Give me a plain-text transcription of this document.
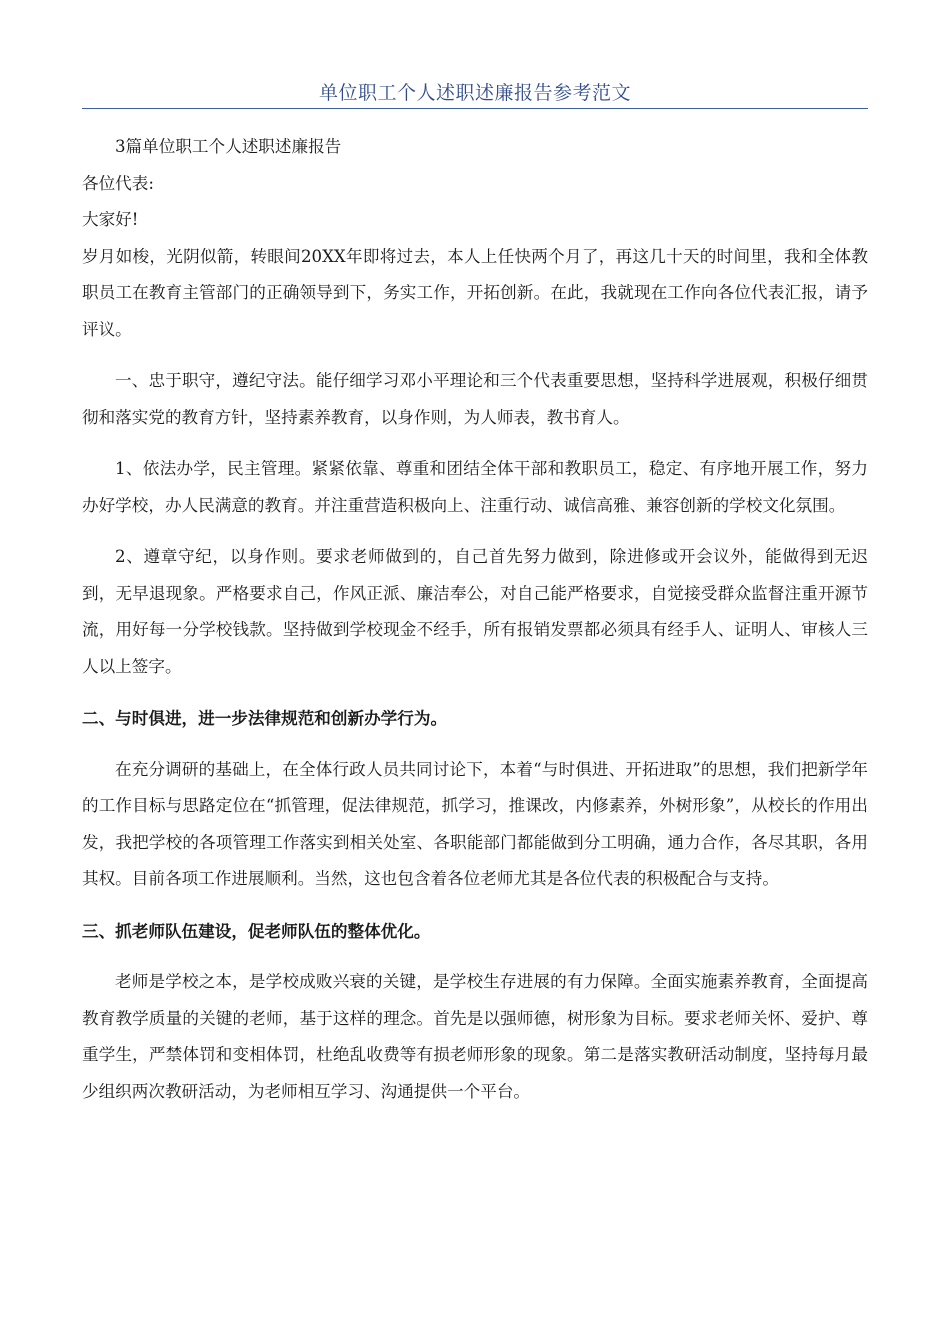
单位职工个人述职述廉报告参考范文

3篇单位职工个人述职述廉报告

各位代表:

大家好!

岁月如梭，光阴似箭，转眼间20XX年即将过去，本人上任快两个月了，再这几十天的时间里，我和全体教职员工在教育主管部门的正确领导到下，务实工作，开拓创新。在此，我就现在工作向各位代表汇报，请予评议。

一、忠于职守，遵纪守法。能仔细学习邓小平理论和三个代表重要思想，坚持科学进展观，积极仔细贯彻和落实党的教育方针，坚持素养教育，以身作则，为人师表，教书育人。

1、依法办学，民主管理。紧紧依靠、尊重和团结全体干部和教职员工，稳定、有序地开展工作，努力办好学校，办人民满意的教育。并注重营造积极向上、注重行动、诚信高雅、兼容创新的学校文化氛围。

2、遵章守纪，以身作则。要求老师做到的，自己首先努力做到，除进修或开会议外，能做得到无迟到，无早退现象。严格要求自己，作风正派、廉洁奉公，对自己能严格要求，自觉接受群众监督注重开源节流，用好每一分学校钱款。坚持做到学校现金不经手，所有报销发票都必须具有经手人、证明人、审核人三人以上签字。

二、与时俱进，进一步法律规范和创新办学行为。

在充分调研的基础上，在全体行政人员共同讨论下，本着“与时俱进、开拓进取”的思想，我们把新学年的工作目标与思路定位在“抓管理，促法律规范，抓学习，推课改，内修素养，外树形象”，从校长的作用出发，我把学校的各项管理工作落实到相关处室、各职能部门都能做到分工明确，通力合作，各尽其职，各用其权。目前各项工作进展顺利。当然，这也包含着各位老师尤其是各位代表的积极配合与支持。

三、抓老师队伍建设，促老师队伍的整体优化。

老师是学校之本，是学校成败兴衰的关键，是学校生存进展的有力保障。全面实施素养教育，全面提高教育教学质量的关键的老师，基于这样的理念。首先是以强师德，树形象为目标。要求老师关怀、爱护、尊重学生，严禁体罚和变相体罚，杜绝乱收费等有损老师形象的现象。第二是落实教研活动制度，坚持每月最少组织两次教研活动，为老师相互学习、沟通提供一个平台。
